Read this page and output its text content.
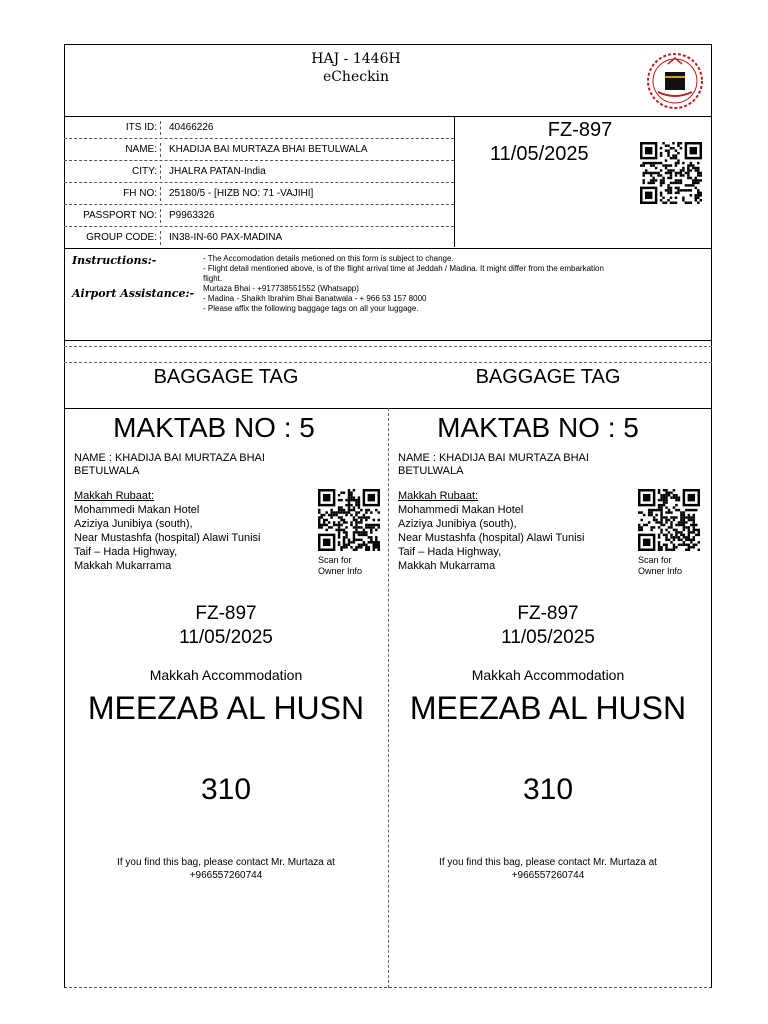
HAJ - 1446H
eCheckin
ITS ID:	40466226
NAME:	KHADIJA BAI MURTAZA BHAI BETULWALA
CITY:	JHALRA PATAN-India
FH NO:	25180/5 - [HIZB NO: 71 -VAJIHI]
PASSPORT NO:	P9963326
GROUP CODE:	IN38-IN-60 PAX-MADINA
FZ-897
11/05/2025
Instructions:-
Airport Assistance:-
- The Accomodation details metioned on this form is subject to change.
- Flight detail mentioned above, is of the flight arrival time at Jeddah / Madina. It might differ from the embarkation
flight.
Murtaza Bhai - +917738551552 (Whatsapp)
- Madina - Shaikh Ibrahim Bhai Banatwala - + 966 53 157 8000
- Please affix the following baggage tags on all your luggage.
BAGGAGE TAG	BAGGAGE TAG
MAKTAB NO : 5	MAKTAB NO : 5
NAME : KHADIJA BAI MURTAZA BHAI BETULWALA
NAME : KHADIJA BAI MURTAZA BHAI BETULWALA
Makkah Rubaat:
Mohammedi Makan Hotel
Aziziya Junibiya (south),
Near Mustashfa (hospital) Alawi Tunisi
Taif – Hada Highway,
Makkah Mukarrama
Makkah Rubaat:
Mohammedi Makan Hotel
Aziziya Junibiya (south),
Near Mustashfa (hospital) Alawi Tunisi
Taif – Hada Highway,
Makkah Mukarrama
Scan for
Owner Info
Scan for
Owner Info
FZ-897
11/05/2025
FZ-897
11/05/2025
Makkah Accommodation	Makkah Accommodation
MEEZAB AL HUSN	MEEZAB AL HUSN
310	310
If you find this bag, please contact Mr. Murtaza at
+966557260744
If you find this bag, please contact Mr. Murtaza at
+966557260744
